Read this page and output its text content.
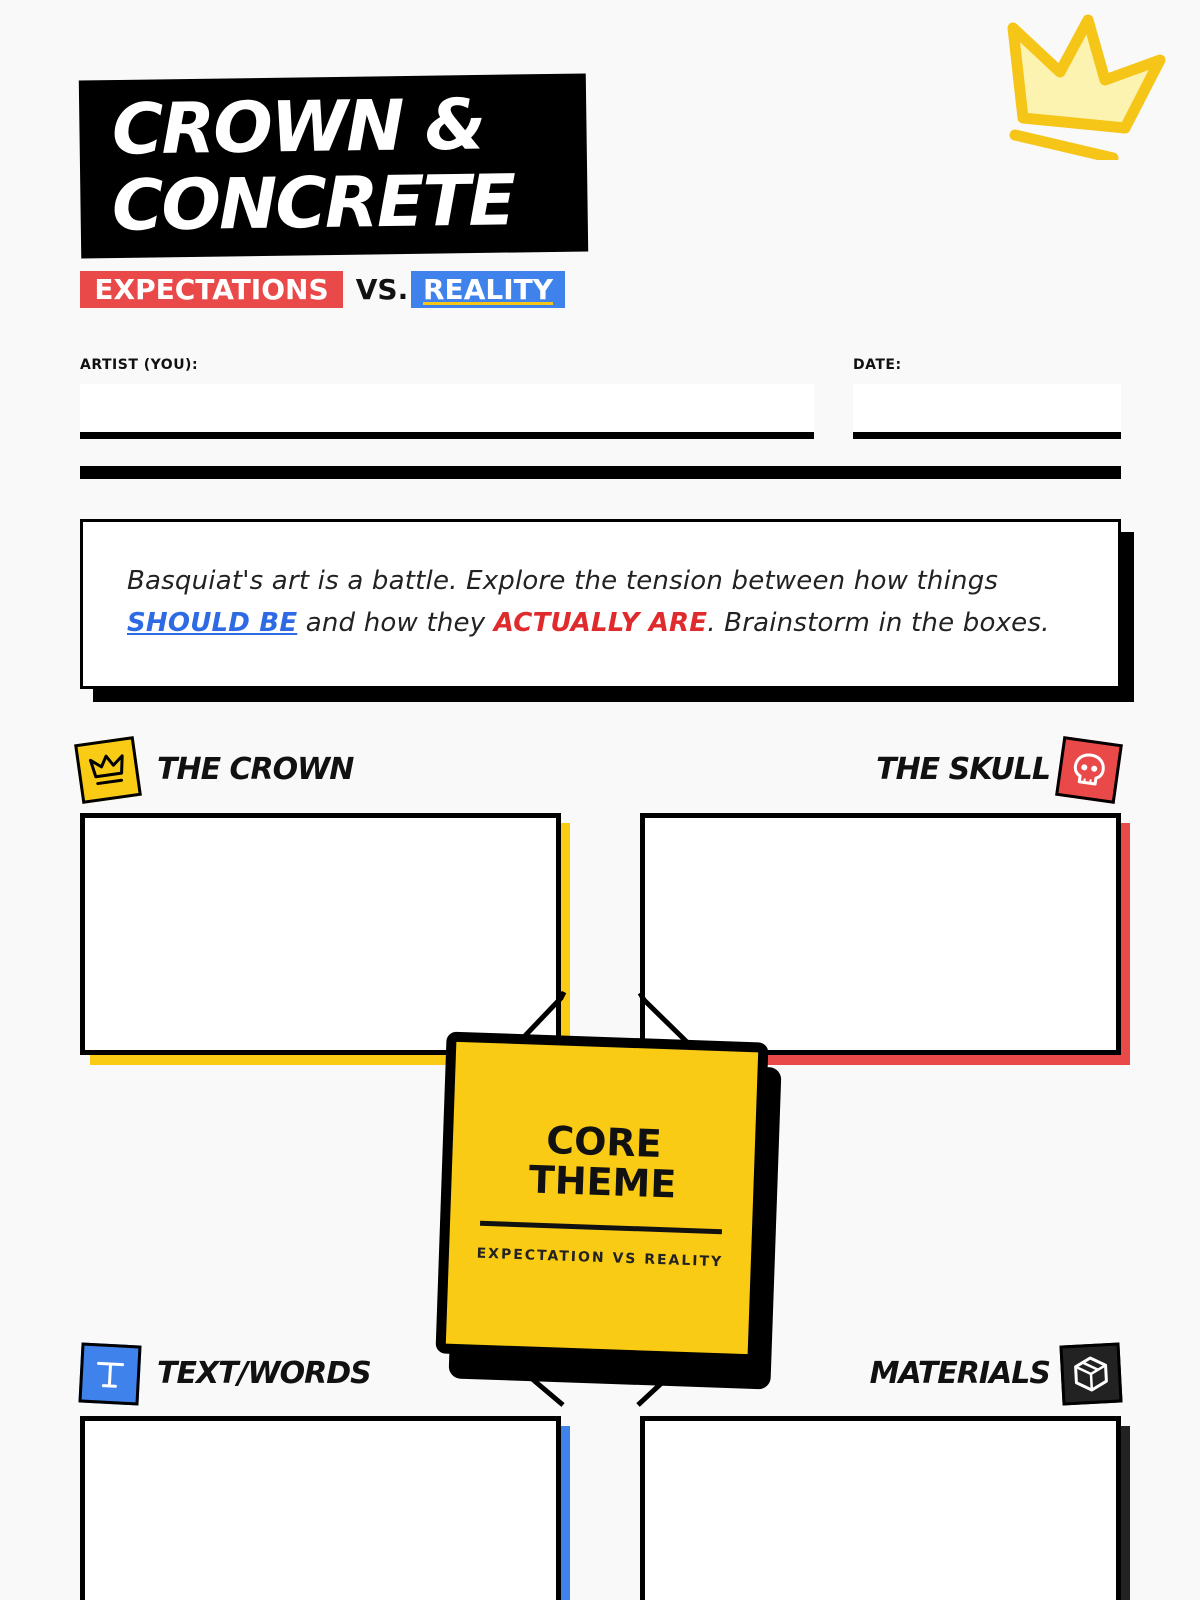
CROWN &
CONCRETE
EXPECTATIONS VS. REALITY
ARTIST (YOU):	DATE:

Basquiat's art is a battle. Explore the tension between how things
SHOULD BE and how they ACTUALLY ARE. Brainstorm in the boxes.

THE CROWN	THE SKULL
TEXT/WORDS	MATERIALS
CORE
THEME
EXPECTATION VS REALITY
